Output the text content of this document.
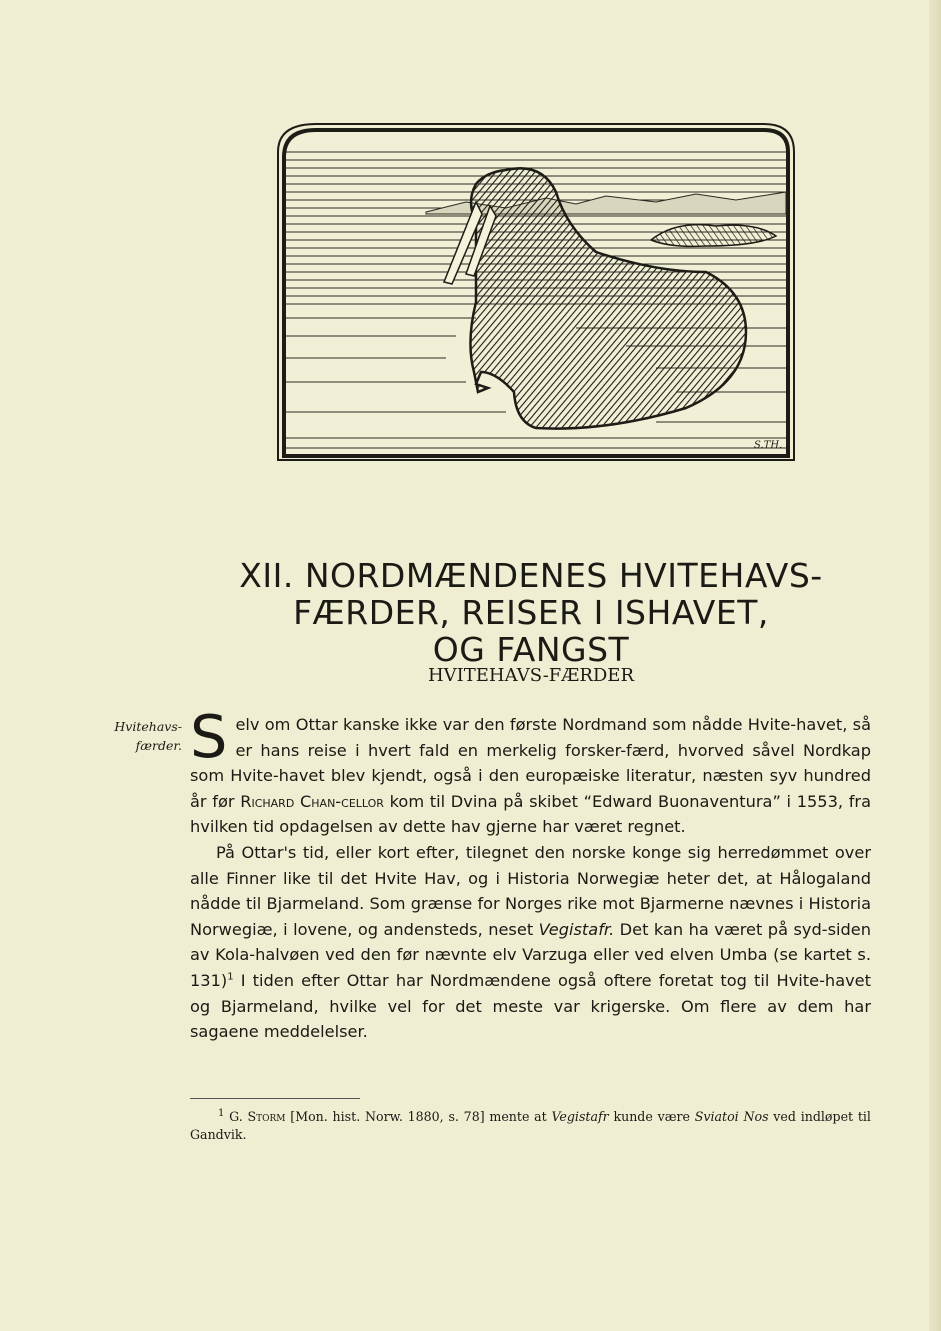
S.TH.
XII. NORDMÆNDENES HVITEHAVS-
FÆRDER, REISER I ISHAVET,
OG FANGST
HVITEHAVS-FÆRDER
Hvitehavs-
færder. Selv om Ottar kanske ikke var den første Nordmand som nådde Hvite-havet, så er hans reise i hvert fald en merkelig forsker-færd, hvorved såvel Nordkap som Hvite-havet blev kjendt, også i den europæiske literatur, næsten syv hundred år før Richard Chan-cellor kom til Dvina på skibet “Edward Buonaventura” i 1553, fra hvilken tid opdagelsen av dette hav gjerne har været regnet.

På Ottar's tid, eller kort efter, tilegnet den norske konge sig herredømmet over alle Finner like til det Hvite Hav, og i Historia Norwegiæ heter det, at Hålogaland nådde til Bjarmeland. Som grænse for Norges rike mot Bjarmerne nævnes i Historia Norwegiæ, i lovene, og andensteds, neset Vegistafr. Det kan ha været på syd-siden av Kola-halvøen ved den før nævnte elv Varzuga eller ved elven Umba (se kartet s. 131)$^1$ I tiden efter Ottar har Nordmændene også oftere foretat tog til Hvite-havet og Bjarmeland, hvilke vel for det meste var krigerske. Om flere av dem har sagaene meddelelser.

$^1$ G. Storm [Mon. hist. Norw. 1880, s. 78] mente at Vegistafr kunde være Sviatoi Nos ved indløpet til Gandvik.
